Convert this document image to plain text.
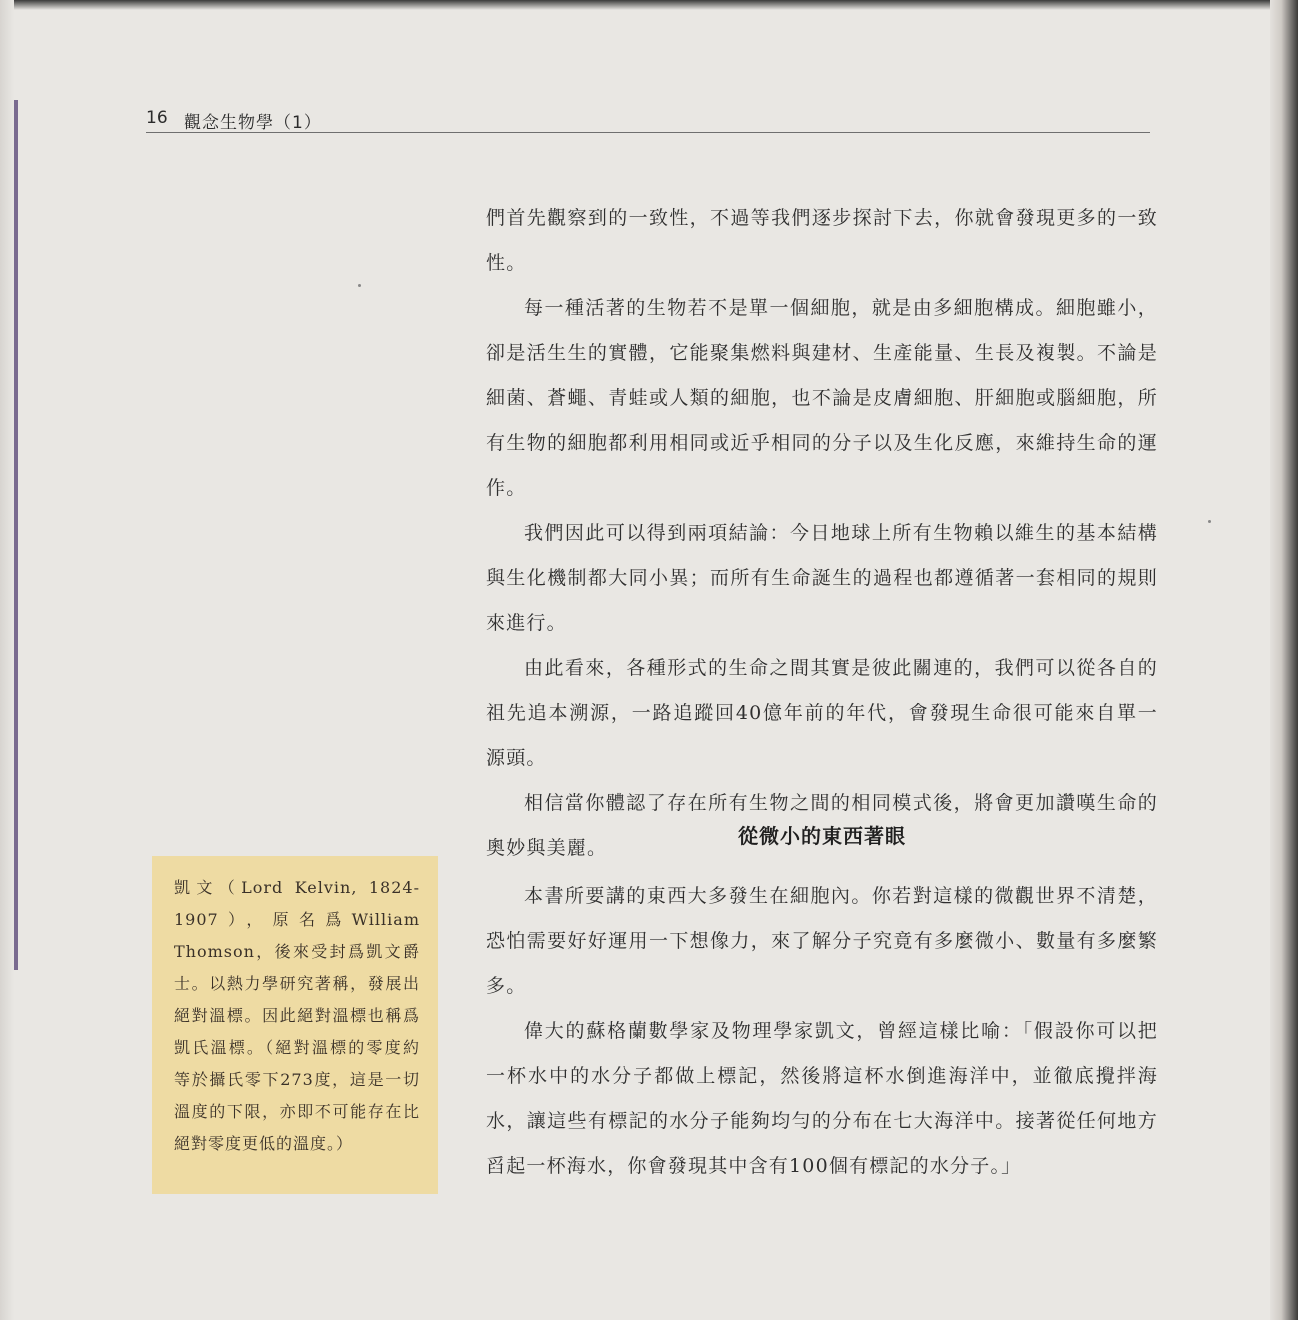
16 觀念生物學（1）

們首先觀察到的一致性，不過等我們逐步探討下去，你就會發現更多的一致性。

每一種活著的生物若不是單一個細胞，就是由多細胞構成。細胞雖小，卻是活生生的實體，它能聚集燃料與建材、生產能量、生長及複製。不論是細菌、蒼蠅、青蛙或人類的細胞，也不論是皮膚細胞、肝細胞或腦細胞，所有生物的細胞都利用相同或近乎相同的分子以及生化反應，來維持生命的運作。

我們因此可以得到兩項結論：今日地球上所有生物賴以維生的基本結構與生化機制都大同小異；而所有生命誕生的過程也都遵循著一套相同的規則來進行。

由此看來，各種形式的生命之間其實是彼此關連的，我們可以從各自的祖先追本溯源，一路追蹤回40億年前的年代，會發現生命很可能來自單一源頭。

相信當你體認了存在所有生物之間的相同模式後，將會更加讚嘆生命的奧妙與美麗。	從微小的東西著眼

本書所要講的東西大多發生在細胞內。你若對這樣的微觀世界不清楚，恐怕需要好好運用一下想像力，來了解分子究竟有多麼微小、數量有多麼繁多。

偉大的蘇格蘭數學家及物理學家凱文，曾經這樣比喻：「假設你可以把一杯水中的水分子都做上標記，然後將這杯水倒進海洋中，並徹底攪拌海水，讓這些有標記的水分子能夠均勻的分布在七大海洋中。接著從任何地方舀起一杯海水，你會發現其中含有100個有標記的水分子。」

凱文（Lord Kelvin, 1824-1907），原名爲William Thomson，後來受封爲凱文爵士。以熱力學研究著稱，發展出絕對溫標。因此絕對溫標也稱爲凱氏溫標。（絕對溫標的零度約等於攝氏零下273度，這是一切溫度的下限，亦即不可能存在比絕對零度更低的溫度。）
